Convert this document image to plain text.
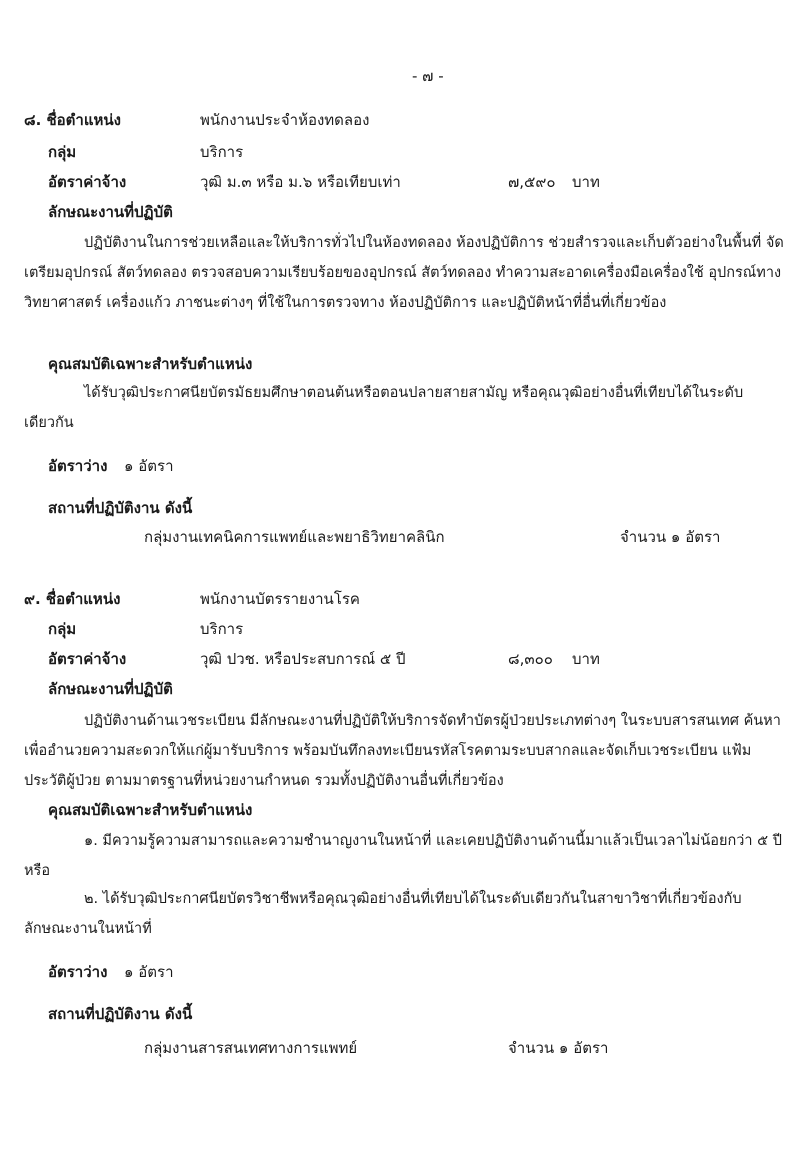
- ๗ -
๘. ชื่อตำแหน่ง	พนักงานประจำห้องทดลอง
กลุ่ม	บริการ
อัตราค่าจ้าง	วุฒิ ม.๓ หรือ ม.๖ หรือเทียบเท่า	๗,๕๙๐ บาท
ลักษณะงานที่ปฏิบัติ
ปฏิบัติงานในการช่วยเหลือและให้บริการทั่วไปในห้องทดลอง ห้องปฏิบัติการ ช่วยสำรวจและเก็บตัวอย่างในพื้นที่ จัดเตรียมอุปกรณ์ สัตว์ทดลอง ตรวจสอบความเรียบร้อยของอุปกรณ์ สัตว์ทดลอง ทำความสะอาดเครื่องมือเครื่องใช้ อุปกรณ์ทางวิทยาศาสตร์ เครื่องแก้ว ภาชนะต่างๆ ที่ใช้ในการตรวจทาง ห้องปฏิบัติการ และปฏิบัติหน้าที่อื่นที่เกี่ยวข้อง
คุณสมบัติเฉพาะสำหรับตำแหน่ง
ได้รับวุฒิประกาศนียบัตรมัธยมศึกษาตอนต้นหรือตอนปลายสายสามัญ หรือคุณวุฒิอย่างอื่นที่เทียบได้ในระดับเดียวกัน
อัตราว่าง ๑ อัตรา
สถานที่ปฏิบัติงาน ดังนี้
กลุ่มงานเทคนิคการแพทย์และพยาธิวิทยาคลินิก	จำนวน ๑ อัตรา
๙. ชื่อตำแหน่ง	พนักงานบัตรรายงานโรค
กลุ่ม	บริการ
อัตราค่าจ้าง	วุฒิ ปวช. หรือประสบการณ์ ๕ ปี	๘,๓๐๐ บาท
ลักษณะงานที่ปฏิบัติ
ปฏิบัติงานด้านเวชระเบียน มีลักษณะงานที่ปฏิบัติให้บริการจัดทำบัตรผู้ป่วยประเภทต่างๆ ในระบบสารสนเทศ ค้นหาเพื่ออำนวยความสะดวกให้แก่ผู้มารับบริการ พร้อมบันทึกลงทะเบียนรหัสโรคตามระบบสากลและจัดเก็บเวชระเบียน แฟ้มประวัติผู้ป่วย ตามมาตรฐานที่หน่วยงานกำหนด รวมทั้งปฏิบัติงานอื่นที่เกี่ยวข้อง
คุณสมบัติเฉพาะสำหรับตำแหน่ง
๑. มีความรู้ความสามารถและความชำนาญงานในหน้าที่ และเคยปฏิบัติงานด้านนี้มาแล้วเป็นเวลาไม่น้อยกว่า ๕ ปี หรือ
๒. ได้รับวุฒิประกาศนียบัตรวิชาชีพหรือคุณวุฒิอย่างอื่นที่เทียบได้ในระดับเดียวกันในสาขาวิชาที่เกี่ยวข้องกับลักษณะงานในหน้าที่
อัตราว่าง ๑ อัตรา
สถานที่ปฏิบัติงาน ดังนี้
กลุ่มงานสารสนเทศทางการแพทย์	จำนวน ๑ อัตรา
